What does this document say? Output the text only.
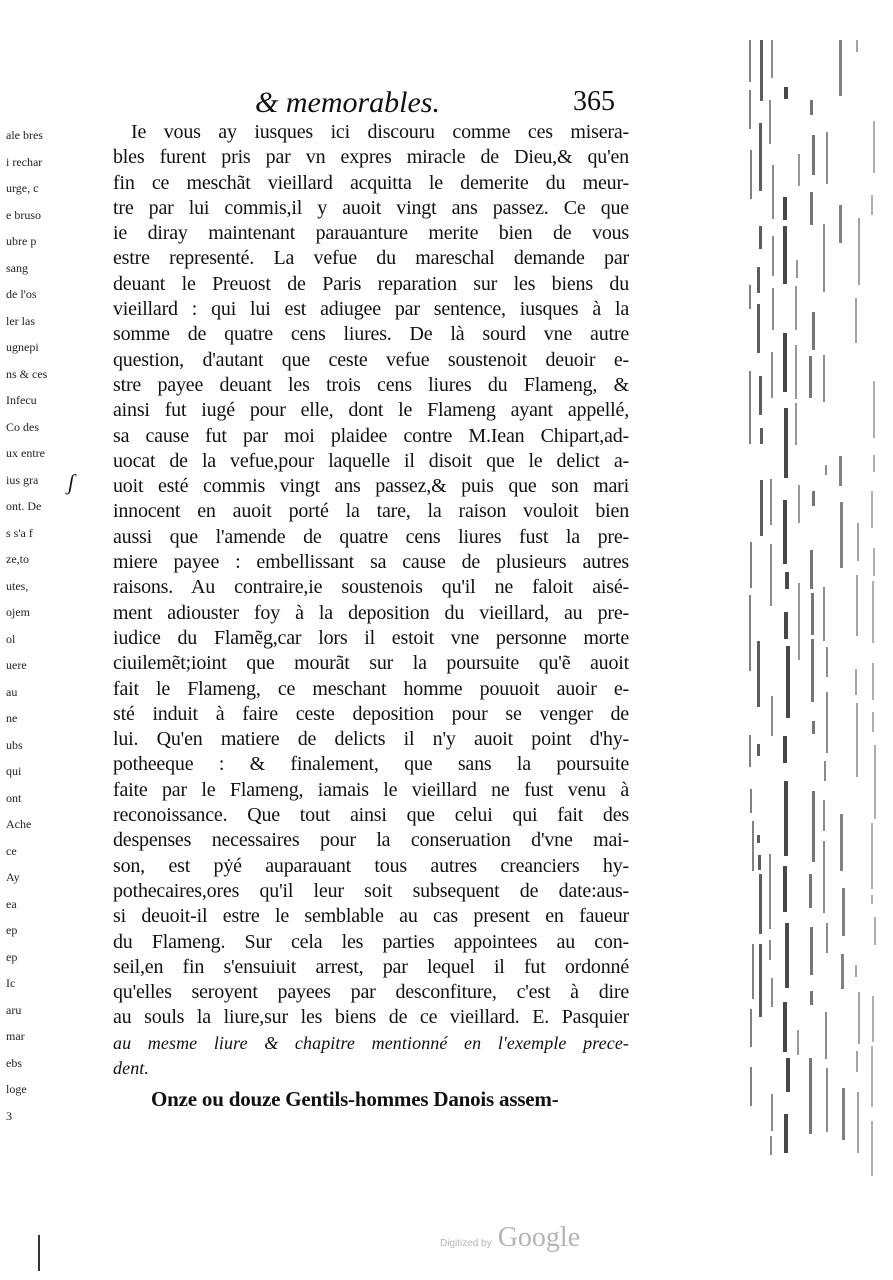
ale bres
i rechar
urge, c
e bruso
ubre p
sang
de l'os
ler las
ugnepi
ns & ces
Infecu
Co des
ux entre
ius gra
ont. De
s s'a f
ze,to
utes,
ojem
ol
uere
au
ne
ubs
qui
ont
Ache
ce
Ay
ea
ep
ep
Ic
aru
mar
ebs
loge
3
& memorables.	365
ʃ
Ie vous ay iusques ici discouru comme ces misera-
bles furent pris par vn expres miracle de Dieu,& qu'en
fin ce meschãt vieillard acquitta le demerite du meur-
tre par lui commis,il y auoit vingt ans passez. Ce que
ie diray maintenant parauanture merite bien de vous
estre representé. La vefue du mareschal demande par
deuant le Preuost de Paris reparation sur les biens du
vieillard : qui lui est adiugee par sentence, iusques à la
somme de quatre cens liures. De là sourd vne autre
question, d'autant que ceste vefue soustenoit deuoir e-
stre payee deuant les trois cens liures du Flameng, &
ainsi fut iugé pour elle, dont le Flameng ayant appellé,
sa cause fut par moi plaidee contre M.Iean Chipart,ad-
uocat de la vefue,pour laquelle il disoit que le delict a-
uoit esté commis vingt ans passez,& puis que son mari
innocent en auoit porté la tare, la raison vouloit bien
aussi que l'amende de quatre cens liures fust la pre-
miere payee : embellissant sa cause de plusieurs autres
raisons. Au contraire,ie soustenois qu'il ne faloit aisé-
ment adiouster foy à la deposition du vieillard, au pre-
iudice du Flamẽg,car lors il estoit vne personne morte
ciuilemẽt;ioint que mourãt sur la poursuite qu'ẽ auoit
fait le Flameng, ce meschant homme pouuoit auoir e-
sté induit à faire ceste deposition pour se venger de
lui. Qu'en matiere de delicts il n'y auoit point d'hy-
potheeque : & finalement, que sans la poursuite
faite par le Flameng, iamais le vieillard ne fust venu à
reconoissance. Que tout ainsi que celui qui fait des
despenses necessaires pour la conseruation d'vne mai-
son, est pẏé auparauant tous autres creanciers hy-
pothecaires,ores qu'il leur soit subsequent de date:aus-
si deuoit-il estre le semblable au cas present en faueur
du Flameng. Sur cela les parties appointees au con-
seil,en fin s'ensuiuit arrest, par lequel il fut ordonné
qu'elles seroyent payees par desconfiture, c'est à dire
au souls la liure,sur les biens de ce vieillard. E. Pasquier
au mesme liure & chapitre mentionné en l'exemple prece-
dent.
Onze ou douze Gentils-hommes Danois assem-
Digitized by Google
